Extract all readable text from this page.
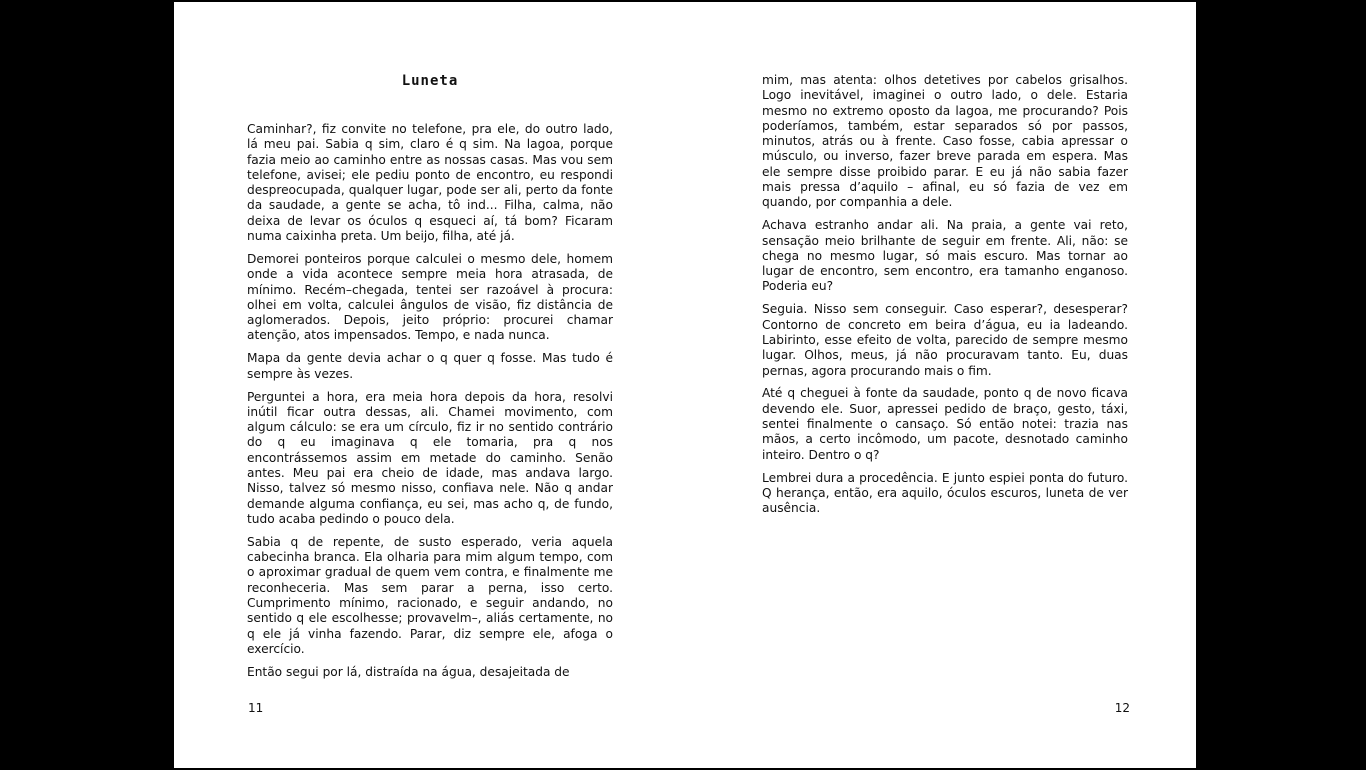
Luneta

Caminhar?, fiz convite no telefone, pra ele, do outro lado, lá meu pai. Sabia q sim, claro é q sim. Na lagoa, porque fazia meio ao caminho entre as nossas casas. Mas vou sem telefone, avisei; ele pediu ponto de encontro, eu respondi despreocupada, qualquer lugar, pode ser ali, perto da fonte da saudade, a gente se acha, tô ind... Filha, calma, não deixa de levar os óculos q esqueci aí, tá bom? Ficaram numa caixinha preta. Um beijo, filha, até já.

Demorei ponteiros porque calculei o mesmo dele, homem onde a vida acontece sempre meia hora atrasada, de mínimo. Recém–chegada, tentei ser razoável à procura: olhei em volta, calculei ângulos de visão, fiz distância de aglomerados. Depois, jeito próprio: procurei chamar atenção, atos impensados. Tempo, e nada nunca.

Mapa da gente devia achar o q quer q fosse. Mas tudo é sempre às vezes.

Perguntei a hora, era meia hora depois da hora, resolvi inútil ficar outra dessas, ali. Chamei movimento, com algum cálculo: se era um círculo, fiz ir no sentido contrário do q eu imaginava q ele tomaria, pra q nos encontrássemos assim em metade do caminho. Senão antes. Meu pai era cheio de idade, mas andava largo. Nisso, talvez só mesmo nisso, confiava nele. Não q andar demande alguma confiança, eu sei, mas acho q, de fundo, tudo acaba pedindo o pouco dela.

Sabia q de repente, de susto esperado, veria aquela cabecinha branca. Ela olharia para mim algum tempo, com o aproximar gradual de quem vem contra, e finalmente me reconheceria. Mas sem parar a perna, isso certo. Cumprimento mínimo, racionado, e seguir andando, no sentido q ele escolhesse; provavelm–, aliás certamente, no q ele já vinha fazendo. Parar, diz sempre ele, afoga o exercício.

Então segui por lá, distraída na água, desajeitada de

11

mim, mas atenta: olhos detetives por cabelos grisalhos. Logo inevitável, imaginei o outro lado, o dele. Estaria mesmo no extremo oposto da lagoa, me procurando? Pois poderíamos, também, estar separados só por passos, minutos, atrás ou à frente. Caso fosse, cabia apressar o músculo, ou inverso, fazer breve parada em espera. Mas ele sempre disse proibido parar. E eu já não sabia fazer mais pressa d’aquilo – afinal, eu só fazia de vez em quando, por companhia a dele.

Achava estranho andar ali. Na praia, a gente vai reto, sensação meio brilhante de seguir em frente. Ali, não: se chega no mesmo lugar, só mais escuro. Mas tornar ao lugar de encontro, sem encontro, era tamanho enganoso. Poderia eu?

Seguia. Nisso sem conseguir. Caso esperar?, desesperar? Contorno de concreto em beira d’água, eu ia ladeando. Labirinto, esse efeito de volta, parecido de sempre mesmo lugar. Olhos, meus, já não procuravam tanto. Eu, duas pernas, agora procurando mais o fim.

Até q cheguei à fonte da saudade, ponto q de novo ficava devendo ele. Suor, apressei pedido de braço, gesto, táxi, sentei finalmente o cansaço. Só então notei: trazia nas mãos, a certo incômodo, um pacote, desnotado caminho inteiro. Dentro o q?

Lembrei dura a procedência. E junto espiei ponta do futuro. Q herança, então, era aquilo, óculos escuros, luneta de ver ausência.

12
